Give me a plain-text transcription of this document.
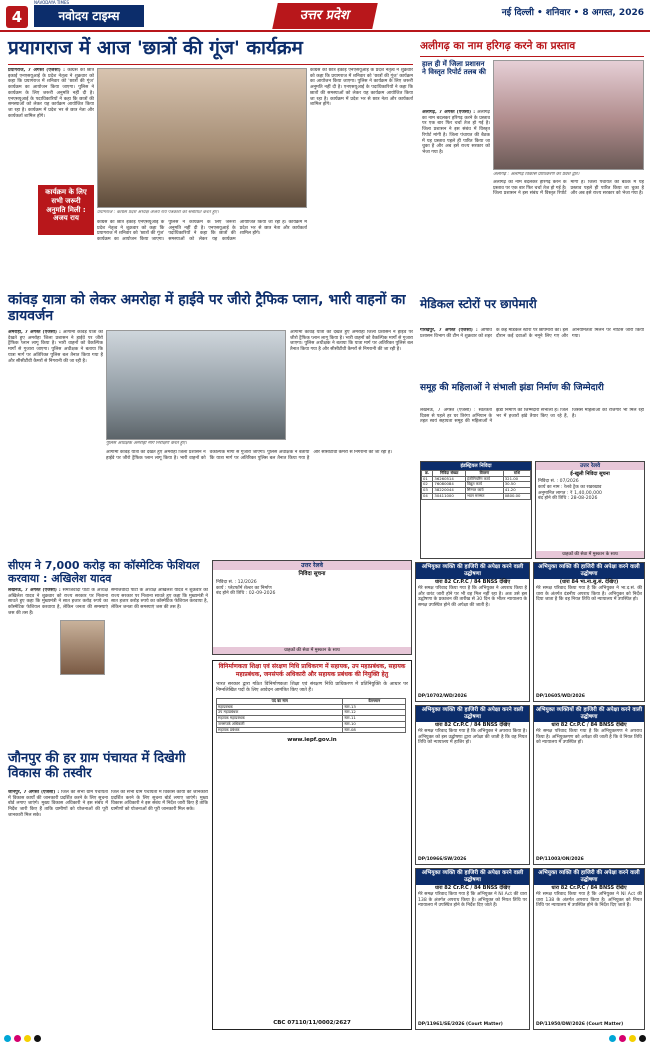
4
NAVODAYA TIMES
नवोदय टाइम्स	उत्तर प्रदेश	नई दिल्ली • शनिवार • 8 अगस्त, 2026
प्रयागराज में आज 'छात्रों की गूंज' कार्यक्रम

प्रयागराज, 7 अगस्त (एजेंसी) : कांग्रेस की छात्र इकाई एनएसयूआई के प्रदेश नेतृत्व ने शुक्रवार को कहा कि प्रयागराज में शनिवार को 'छात्रों की गूंज' कार्यक्रम का आयोजन किया जाएगा। पुलिस ने कार्यक्रम के लिए जरूरी अनुमति नहीं दी है। एनएसयूआई के पदाधिकारियों ने कहा कि छात्रों की समस्याओं को लेकर यह कार्यक्रम आयोजित किया जा रहा है। कार्यक्रम में प्रदेश भर से छात्र नेता और कार्यकर्ता शामिल होंगे।

कार्यक्रम के लिए सभी जरूरी अनुमति मिली : अजय राय
प्रयागराज : कांग्रेस प्रदेश अध्यक्ष अजय राय पत्रकारों को संबोधित करते हुए।
कांग्रेस की छात्र इकाई एनएसयूआई के प्रदेश नेतृत्व ने शुक्रवार को कहा कि प्रयागराज में शनिवार को 'छात्रों की गूंज' कार्यक्रम का आयोजन किया जाएगा। पुलिस ने कार्यक्रम के लिए जरूरी अनुमति नहीं दी है। एनएसयूआई के पदाधिकारियों ने कहा कि छात्रों की समस्याओं को लेकर यह कार्यक्रम आयोजित किया जा रहा है। कार्यक्रम में प्रदेश भर से छात्र नेता और कार्यकर्ता शामिल होंगे।
कांग्रेस की छात्र इकाई एनएसयूआई के प्रदेश नेतृत्व ने शुक्रवार को कहा कि प्रयागराज में शनिवार को 'छात्रों की गूंज' कार्यक्रम का आयोजन किया जाएगा। पुलिस ने कार्यक्रम के लिए जरूरी अनुमति नहीं दी है। एनएसयूआई के पदाधिकारियों ने कहा कि छात्रों की समस्याओं को लेकर यह कार्यक्रम आयोजित किया जा रहा है। कार्यक्रम में प्रदेश भर से छात्र नेता और कार्यकर्ता शामिल होंगे।
अलीगढ़ का नाम हरिगढ़ करने का प्रस्ताव
हाल ही में जिला प्रशासन ने विस्तृत रिपोर्ट तलब की

अलीगढ़, 7 अगस्त (एजेंसी) : अलीगढ़ का नाम बदलकर हरिगढ़ करने के प्रस्ताव पर एक बार फिर चर्चा तेज हो गई है। जिला प्रशासन ने इस संबंध में विस्तृत रिपोर्ट मांगी है। जिला पंचायत की बैठक में यह प्रस्ताव पहले ही पारित किया जा चुका है और अब इसे राज्य सरकार को भेजा गया है।

अलीगढ़ : अलीगढ़ विकास प्राधिकरण का प्रवेश द्वार।
अलीगढ़ का नाम बदलकर हरिगढ़ करने के प्रस्ताव पर एक बार फिर चर्चा तेज हो गई है। जिला प्रशासन ने इस संबंध में विस्तृत रिपोर्ट मांगी है। जिला पंचायत की बैठक में यह प्रस्ताव पहले ही पारित किया जा चुका है और अब इसे राज्य सरकार को भेजा गया है।
कांवड़ यात्रा को लेकर अमरोहा में हाईवे पर जीरो ट्रैफिक प्लान, भारी वाहनों का डायवर्जन

अमरोहा, 7 अगस्त (एजेंसी) : आगामी कांवड़ यात्रा को देखते हुए अमरोहा जिला प्रशासन ने हाईवे पर जीरो ट्रैफिक प्लान लागू किया है। भारी वाहनों को वैकल्पिक मार्गों से गुजारा जाएगा। पुलिस अधीक्षक ने बताया कि यात्रा मार्ग पर अतिरिक्त पुलिस बल तैनात किया गया है और सीसीटीवी कैमरों से निगरानी की जा रही है।

पुलिस अधीक्षक अमरोहा मार्ग निरीक्षण करते हुए।
आगामी कांवड़ यात्रा को देखते हुए अमरोहा जिला प्रशासन ने हाईवे पर जीरो ट्रैफिक प्लान लागू किया है। भारी वाहनों को वैकल्पिक मार्गों से गुजारा जाएगा। पुलिस अधीक्षक ने बताया कि यात्रा मार्ग पर अतिरिक्त पुलिस बल तैनात किया गया है और सीसीटीवी कैमरों से निगरानी की जा रही है।
आगामी कांवड़ यात्रा को देखते हुए अमरोहा जिला प्रशासन ने हाईवे पर जीरो ट्रैफिक प्लान लागू किया है। भारी वाहनों को वैकल्पिक मार्गों से गुजारा जाएगा। पुलिस अधीक्षक ने बताया कि यात्रा मार्ग पर अतिरिक्त पुलिस बल तैनात किया गया है और सीसीटीवी कैमरों से निगरानी की जा रही है।
मेडिकल स्टोरों पर छापेमारी

गोरखपुर, 7 अगस्त (एजेंसी) : औषधि प्रशासन विभाग की टीम ने शुक्रवार को शहर के कई मेडिकल स्टोरों पर छापेमारी की। इस दौरान कई दवाओं के नमूने लिए गए और अनियमितता मिलने पर नोटिस जारी किया गया।

समूह की महिलाओं ने संभाली झंडा निर्माण की जिम्मेदारी
लखनऊ, 7 अगस्त (एजेंसी) : स्वतंत्रता दिवस से पहले हर घर तिरंगा अभियान के तहत स्वयं सहायता समूह की महिलाओं ने झंडा निर्माण की जिम्मेदारी संभाली है। जिले भर में हजारों झंडे तैयार किए जा रहे हैं, जिससे महिलाओं को रोजगार भी मिल रहा है।
इंडस्ट्रियल निविदा
क्र.	निविदा संख्या	विवरण	राशि
01	36260514	इंजीनियरिंग कार्य	321.00
02	76080084	विद्युत कार्य	30.50
03	38220044	सिग्नल कार्य	41.20
04	30411000	भवन मरम्मत	0800.00
उत्तर रेलवे
ई-खुली निविदा सूचना
निविदा सं. : 07/2026
कार्य का नाम : रेलवे ट्रैक का रखरखाव
अनुमानित लागत : ₹ 1,40,00,000
बंद होने की तिथि : 28-08-2026
ग्राहकों की सेवा में मुस्कान के साथ
सीएम ने 7,000 करोड़ का कॉस्मेटिक फेशियल करवाया : अखिलेश यादव

लखनऊ, 7 अगस्त (एजेंसी) : समाजवादी पार्टी के अध्यक्ष अखिलेश यादव ने शुक्रवार को राज्य सरकार पर निशाना साधते हुए कहा कि मुख्यमंत्री ने सात हजार करोड़ रुपये का कॉस्मेटिक फेशियल करवाया है, लेकिन जनता की समस्याएं जस की तस हैं।

समाजवादी पार्टी के अध्यक्ष अखिलेश यादव ने शुक्रवार को राज्य सरकार पर निशाना साधते हुए कहा कि मुख्यमंत्री ने सात हजार करोड़ रुपये का कॉस्मेटिक फेशियल करवाया है, लेकिन जनता की समस्याएं जस की तस हैं।
उत्तर रेलवे
निविदा सूचना
निविदा सं. : 12/2026
कार्य : प्लेटफॉर्म शेल्टर का निर्माण
बंद होने की तिथि : 02-09-2026
ग्राहकों की सेवा में मुस्कान के साथ
जौनपुर की हर ग्राम पंचायत में दिखेगी विकास की तस्वीर

जौनपुर, 7 अगस्त (एजेंसी) : जिले की सभी ग्राम पंचायतों में विकास कार्यों की जानकारी प्रदर्शित करने के लिए सूचना बोर्ड लगाए जाएंगे। मुख्य विकास अधिकारी ने इस संबंध में निर्देश जारी किए हैं ताकि ग्रामीणों को योजनाओं की पूरी जानकारी मिल सके।

जिले की सभी ग्राम पंचायतों में विकास कार्यों की जानकारी प्रदर्शित करने के लिए सूचना बोर्ड लगाए जाएंगे। मुख्य विकास अधिकारी ने इस संबंध में निर्देश जारी किए हैं ताकि ग्रामीणों को योजनाओं की पूरी जानकारी मिल सके।
विनिर्माणकता शिक्षा एवं संरक्षण निधि प्राधिकरण में सहायक, उप महाप्रबंधक, सहायक महाप्रबंधक, जनसंपर्क अधिकारी और सहायक प्रबंधक की नियुक्ति हेतु
भारत सरकार द्वारा गठित विनिर्माणकता शिक्षा एवं संरक्षण निधि प्राधिकरण में प्रतिनियुक्ति के आधार पर निम्नलिखित पदों के लिए आवेदन आमंत्रित किए जाते हैं।
पद का नाम	वेतनमान
महाप्रबंधक	स्तर-13
उप महाप्रबंधक	स्तर-12
सहायक महाप्रबंधक	स्तर-11
जनसंपर्क अधिकारी	स्तर-10
सहायक प्रबंधक	स्तर-08
www.iepf.gov.in
CBC 07110/11/0002/2627
अभियुक्त व्यक्ति की हाजिरी की अपेक्षा करने वाली उद्घोषणा
धारा 82 Cr.P.C / 84 BNSS देखिए
मेरे समक्ष परिवाद किया गया है कि अभियुक्त ने अपराध किया है और वारंट जारी होने पर भी वह मिल नहीं रहा है। अतः उसे इस उद्घोषणा के प्रकाशन की तारीख से 30 दिन के भीतर न्यायालय के समक्ष उपस्थित होने की अपेक्षा की जाती है।
DP/10702/WD/2026
अभियुक्त व्यक्ति की हाजिरी की अपेक्षा करने वाली उद्घोषणा
(धारा 84 भा.ना.सु.सं. देखिए)
मेरे समक्ष परिवाद किया गया है कि अभियुक्त ने भा.द.सं. की धारा के अंतर्गत दंडनीय अपराध किया है। अभियुक्त को निर्देश दिया जाता है कि वह नियत तिथि को न्यायालय में उपस्थित हो।
DP/10605/WD/2026
अभियुक्त व्यक्ति की हाजिरी की अपेक्षा करने वाली उद्घोषणा
धारा 82 Cr.P.C / 84 BNSS देखिए
मेरे समक्ष परिवाद किया गया है कि अभियुक्त ने अपराध किया है। अभियुक्त को इस उद्घोषणा द्वारा अपेक्षा की जाती है कि वह नियत तिथि को न्यायालय में हाजिर हो।
DP/10966/SW/2026
अभियुक्त व्यक्तियों की हाजिरी की अपेक्षा करने वाली उद्घोषणा
धारा 82 Cr.P.C / 84 BNSS देखिए
मेरे समक्ष परिवाद किया गया है कि अभियुक्तगण ने अपराध किया है। अभियुक्तगण को अपेक्षा की जाती है कि वे नियत तिथि को न्यायालय में उपस्थित हों।
DP/11003/ON/2026
अभियुक्त व्यक्ति की हाजिरी की अपेक्षा करने वाली उद्घोषणा
धारा 82 Cr.P.C / 84 BNSS देखिए
मेरे समक्ष परिवाद किया गया है कि अभियुक्त ने NI Act की धारा 138 के अंतर्गत अपराध किया है। अभियुक्त को नियत तिथि पर न्यायालय में उपस्थित होने के निर्देश दिए जाते हैं।
DP/11961/SE/2026 (Court Matter)
अभियुक्त व्यक्ति की हाजिरी की अपेक्षा करने वाली उद्घोषणा
धारा 82 Cr.P.C / 84 BNSS देखिए
मेरे समक्ष परिवाद किया गया है कि अभियुक्त ने NI Act की धारा 138 के अंतर्गत अपराध किया है। अभियुक्त को नियत तिथि पर न्यायालय में उपस्थित होने के निर्देश दिए जाते हैं।
DP/11950/DW/2026 (Court Matter)
